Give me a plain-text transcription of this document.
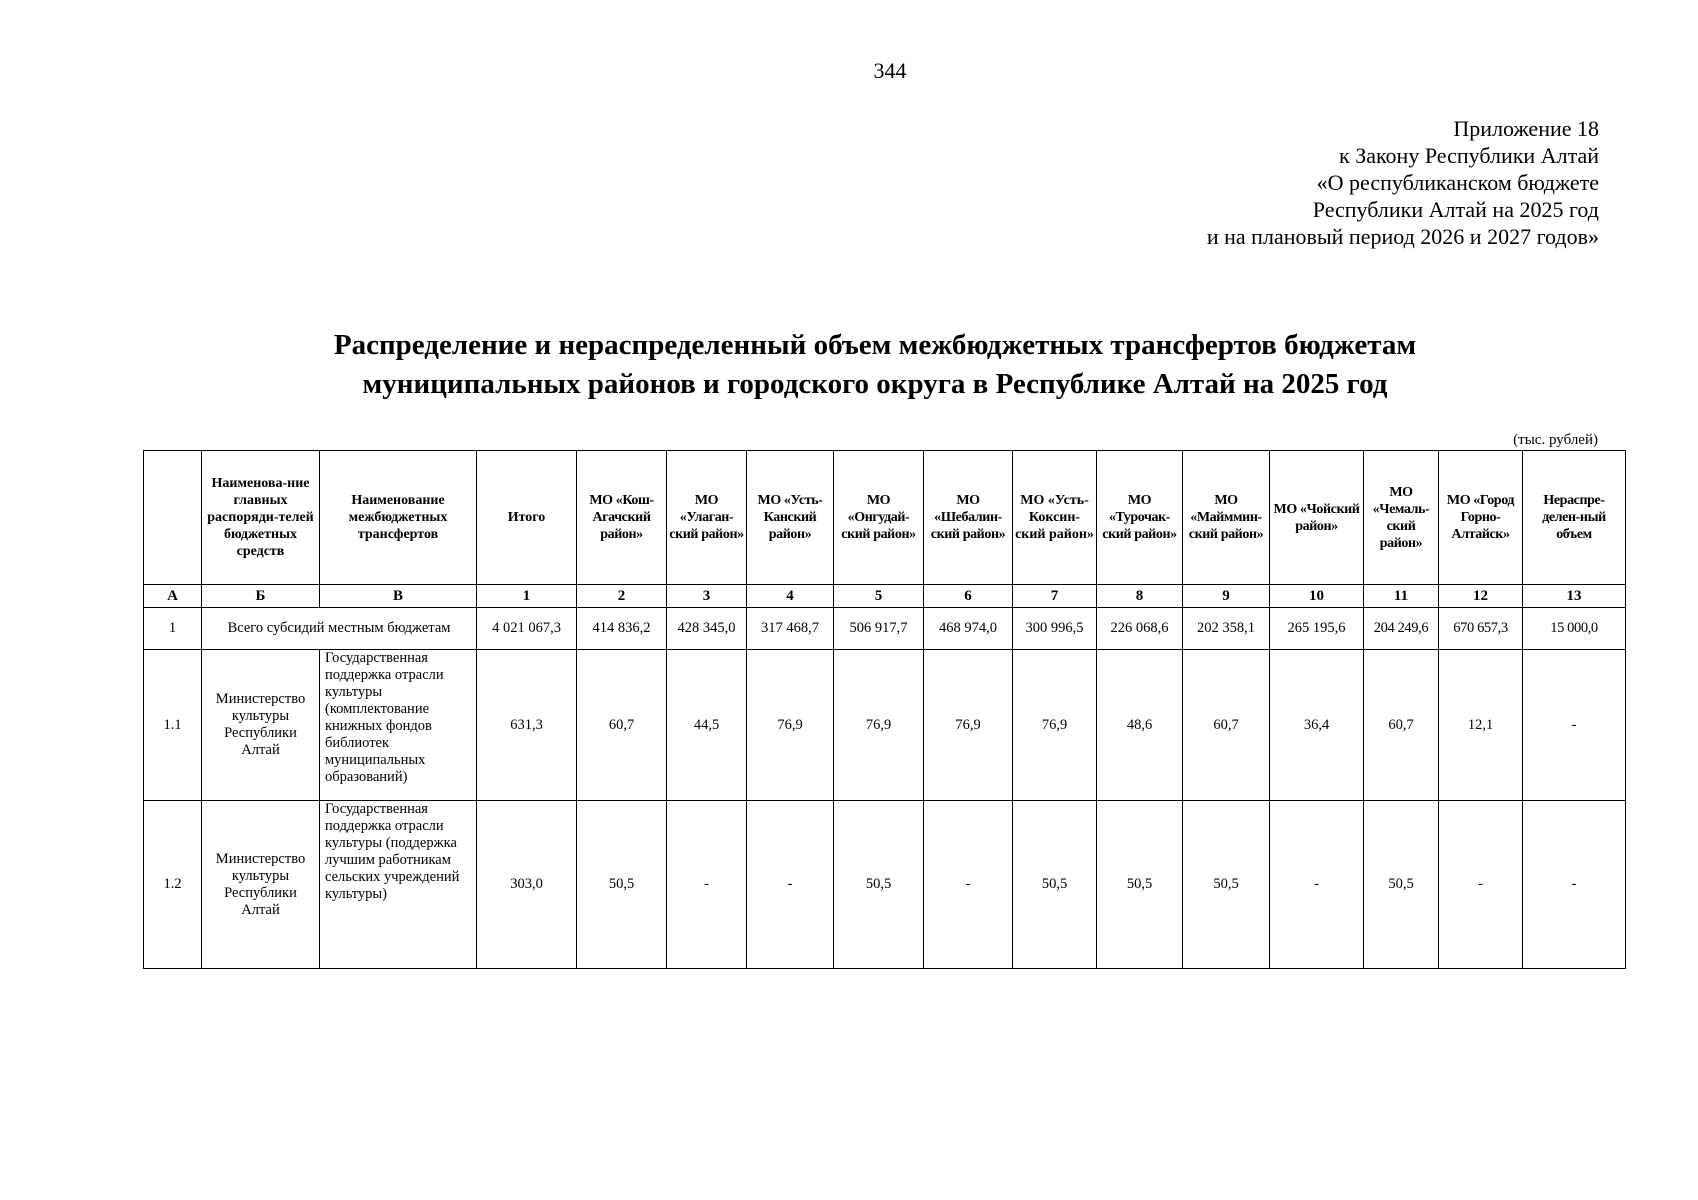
344
Приложение 18
к Закону Республики Алтай
«О республиканском бюджете
Республики Алтай на 2025 год
и на плановый период 2026 и 2027 годов»
Распределение и нераспределенный объем межбюджетных трансфертов бюджетам
муниципальных районов и городского округа в Республике Алтай на 2025 год
(тыс. рублей)
	Наименова-ние главных распоряди-телей бюджетных средств	Наименование межбюджетных трансфертов	Итого	МО «Кош-Агачский район»	МО «Улаган-ский район»	МО «Усть-Канский район»	МО «Онгудай-ский район»	МО «Шебалин-ский район»	МО «Усть-Коксин-ский район»	МО «Турочак-ский район»	МО «Майммин-ский район»	МО «Чойский район»	МО «Чемаль-ский район»	МО «Город Горно-Алтайск»	Нераспре-делен-ный объем
А	Б	В	1	2	3	4	5	6	7	8	9	10	11	12	13
1	Всего субсидий местным бюджетам		4 021 067,3	414 836,2	428 345,0	317 468,7	506 917,7	468 974,0	300 996,5	226 068,6	202 358,1	265 195,6	204 249,6	670 657,3	15 000,0
1.1	Министерство культуры Республики Алтай	Государственная поддержка отрасли культуры (комплектование книжных фондов библиотек муниципальных образований)	631,3	60,7	44,5	76,9	76,9	76,9	76,9	48,6	60,7	36,4	60,7	12,1	-
1.2	Министерство культуры Республики Алтай	Государственная поддержка отрасли культуры (поддержка лучшим работникам сельских учреждений культуры)	303,0	50,5	-	-	50,5	-	50,5	50,5	50,5	-	50,5	-	-
